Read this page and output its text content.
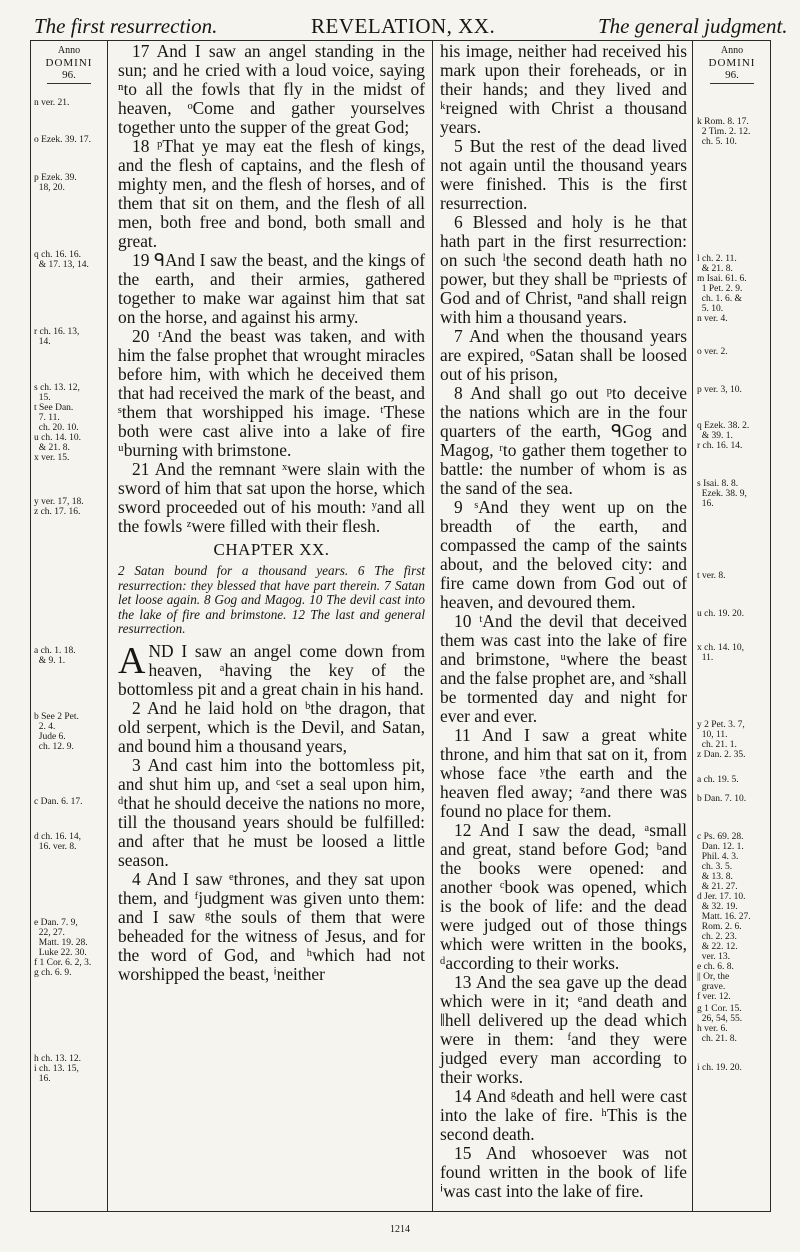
The first resurrection.	REVELATION, XX.	The general judgment.
Anno
DOMINI
96.
Anno
DOMINI
96.
n ver. 21.
o Ezek. 39. 17.
p Ezek. 39.
18, 20.
q ch. 16. 16.
& 17. 13, 14.
r ch. 16. 13,
14.
s ch. 13. 12,
15.
t See Dan.
7. 11.
ch. 20. 10.
u ch. 14. 10.
& 21. 8.
x ver. 15.
y ver. 17, 18.
z ch. 17. 16.
a ch. 1. 18.
& 9. 1.
b See 2 Pet.
2. 4.
Jude 6.
ch. 12. 9.
c Dan. 6. 17.
d ch. 16. 14,
16. ver. 8.
e Dan. 7. 9,
22, 27.
Matt. 19. 28.
Luke 22. 30.
f 1 Cor. 6. 2, 3.
g ch. 6. 9.
h ch. 13. 12.
i ch. 13. 15,
16.
k Rom. 8. 17.
2 Tim. 2. 12.
ch. 5. 10.
l ch. 2. 11.
& 21. 8.
m Isai. 61. 6.
1 Pet. 2. 9.
ch. 1. 6. &
5. 10.
n ver. 4.
o ver. 2.
p ver. 3, 10.
q Ezek. 38. 2.
& 39. 1.
r ch. 16. 14.
s Isai. 8. 8.
Ezek. 38. 9,
16.
t ver. 8.
u ch. 19. 20.
x ch. 14. 10,
11.
y 2 Pet. 3. 7,
10, 11.
ch. 21. 1.
z Dan. 2. 35.
a ch. 19. 5.
b Dan. 7. 10.
c Ps. 69. 28.
Dan. 12. 1.
Phil. 4. 3.
ch. 3. 5.
& 13. 8.
& 21. 27.
d Jer. 17. 10.
& 32. 19.
Matt. 16. 27.
Rom. 2. 6.
ch. 2. 23.
& 22. 12.
ver. 13.
e ch. 6. 8.
|| Or, the
grave.
f ver. 12.
g 1 Cor. 15.
26, 54, 55.
h ver. 6.
ch. 21. 8.
i ch. 19. 20.

17 And I saw an angel standing in the sun; and he cried with a loud voice, saying ⁿto all the fowls that fly in the midst of heaven, ᵒCome and gather yourselves together unto the supper of the great God;

18 ᵖThat ye may eat the flesh of kings, and the flesh of captains, and the flesh of mighty men, and the flesh of horses, and of them that sit on them, and the flesh of all men, both free and bond, both small and great.

19 ᑫAnd I saw the beast, and the kings of the earth, and their armies, gathered together to make war against him that sat on the horse, and against his army.

20 ʳAnd the beast was taken, and with him the false prophet that wrought miracles before him, with which he deceived them that had received the mark of the beast, and ˢthem that worshipped his image. ᵗThese both were cast alive into a lake of fire ᵘburning with brimstone.

21 And the remnant ˣwere slain with the sword of him that sat upon the horse, which sword proceeded out of his mouth: ʸand all the fowls ᶻwere filled with their flesh.

CHAPTER XX.

2 Satan bound for a thousand years. 6 The first resurrection: they blessed that have part therein. 7 Satan let loose again. 8 Gog and Magog. 10 The devil cast into the lake of fire and brimstone. 12 The last and general resurrection.

AND I saw an angel come down from heaven, ᵃhaving the key of the bottomless pit and a great chain in his hand.

2 And he laid hold on ᵇthe dragon, that old serpent, which is the Devil, and Satan, and bound him a thousand years,

3 And cast him into the bottomless pit, and shut him up, and ᶜset a seal upon him, ᵈthat he should deceive the nations no more, till the thousand years should be fulfilled: and after that he must be loosed a little season.

4 And I saw ᵉthrones, and they sat upon them, and ᶠjudgment was given unto them: and I saw ᵍthe souls of them that were beheaded for the witness of Jesus, and for the word of God, and ʰwhich had not worshipped the beast, ⁱneither

his image, neither had received his mark upon their foreheads, or in their hands; and they lived and ᵏreigned with Christ a thousand years.

5 But the rest of the dead lived not again until the thousand years were finished. This is the first resurrection.

6 Blessed and holy is he that hath part in the first resurrection: on such ˡthe second death hath no power, but they shall be ᵐpriests of God and of Christ, ⁿand shall reign with him a thousand years.

7 And when the thousand years are expired, ᵒSatan shall be loosed out of his prison,

8 And shall go out ᵖto deceive the nations which are in the four quarters of the earth, ᑫGog and Magog, ʳto gather them together to battle: the number of whom is as the sand of the sea.

9 ˢAnd they went up on the breadth of the earth, and compassed the camp of the saints about, and the beloved city: and fire came down from God out of heaven, and devoured them.

10 ᵗAnd the devil that deceived them was cast into the lake of fire and brimstone, ᵘwhere the beast and the false prophet are, and ˣshall be tormented day and night for ever and ever.

11 And I saw a great white throne, and him that sat on it, from whose face ʸthe earth and the heaven fled away; ᶻand there was found no place for them.

12 And I saw the dead, ᵃsmall and great, stand before God; ᵇand the books were opened: and another ᶜbook was opened, which is the book of life: and the dead were judged out of those things which were written in the books, ᵈaccording to their works.

13 And the sea gave up the dead which were in it; ᵉand death and ‖hell delivered up the dead which were in them: ᶠand they were judged every man according to their works.

14 And ᵍdeath and hell were cast into the lake of fire. ʰThis is the second death.

15 And whosoever was not found written in the book of life ⁱwas cast into the lake of fire.

1214
